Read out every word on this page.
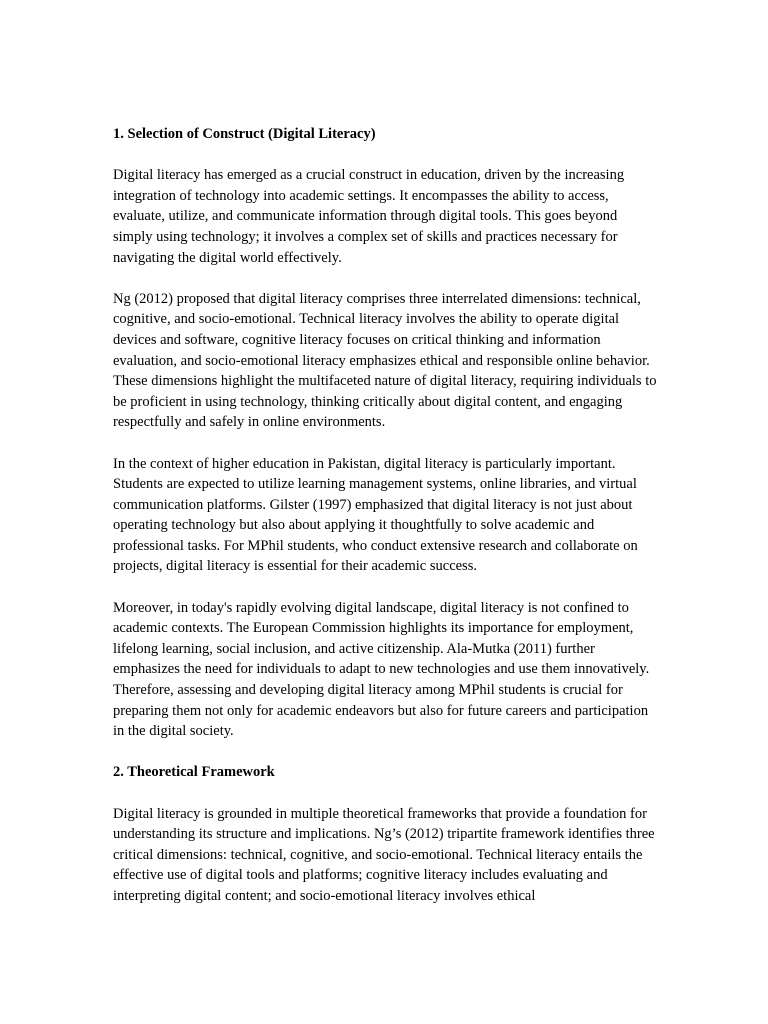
1. Selection of Construct (Digital Literacy)

Digital literacy has emerged as a crucial construct in education, driven by the increasing integration of technology into academic settings. It encompasses the ability to access, evaluate, utilize, and communicate information through digital tools. This goes beyond simply using technology; it involves a complex set of skills and practices necessary for navigating the digital world effectively.

Ng (2012) proposed that digital literacy comprises three interrelated dimensions: technical, cognitive, and socio-emotional. Technical literacy involves the ability to operate digital devices and software, cognitive literacy focuses on critical thinking and information evaluation, and socio-emotional literacy emphasizes ethical and responsible online behavior. These dimensions highlight the multifaceted nature of digital literacy, requiring individuals to be proficient in using technology, thinking critically about digital content, and engaging respectfully and safely in online environments.

In the context of higher education in Pakistan, digital literacy is particularly important. Students are expected to utilize learning management systems, online libraries, and virtual communication platforms. Gilster (1997) emphasized that digital literacy is not just about operating technology but also about applying it thoughtfully to solve academic and professional tasks. For MPhil students, who conduct extensive research and collaborate on projects, digital literacy is essential for their academic success.

Moreover, in today's rapidly evolving digital landscape, digital literacy is not confined to academic contexts. The European Commission highlights its importance for employment, lifelong learning, social inclusion, and active citizenship. Ala-Mutka (2011) further emphasizes the need for individuals to adapt to new technologies and use them innovatively. Therefore, assessing and developing digital literacy among MPhil students is crucial for preparing them not only for academic endeavors but also for future careers and participation in the digital society.

2. Theoretical Framework

Digital literacy is grounded in multiple theoretical frameworks that provide a foundation for understanding its structure and implications. Ng’s (2012) tripartite framework identifies three critical dimensions: technical, cognitive, and socio-emotional. Technical literacy entails the effective use of digital tools and platforms; cognitive literacy includes evaluating and interpreting digital content; and socio-emotional literacy involves ethical
